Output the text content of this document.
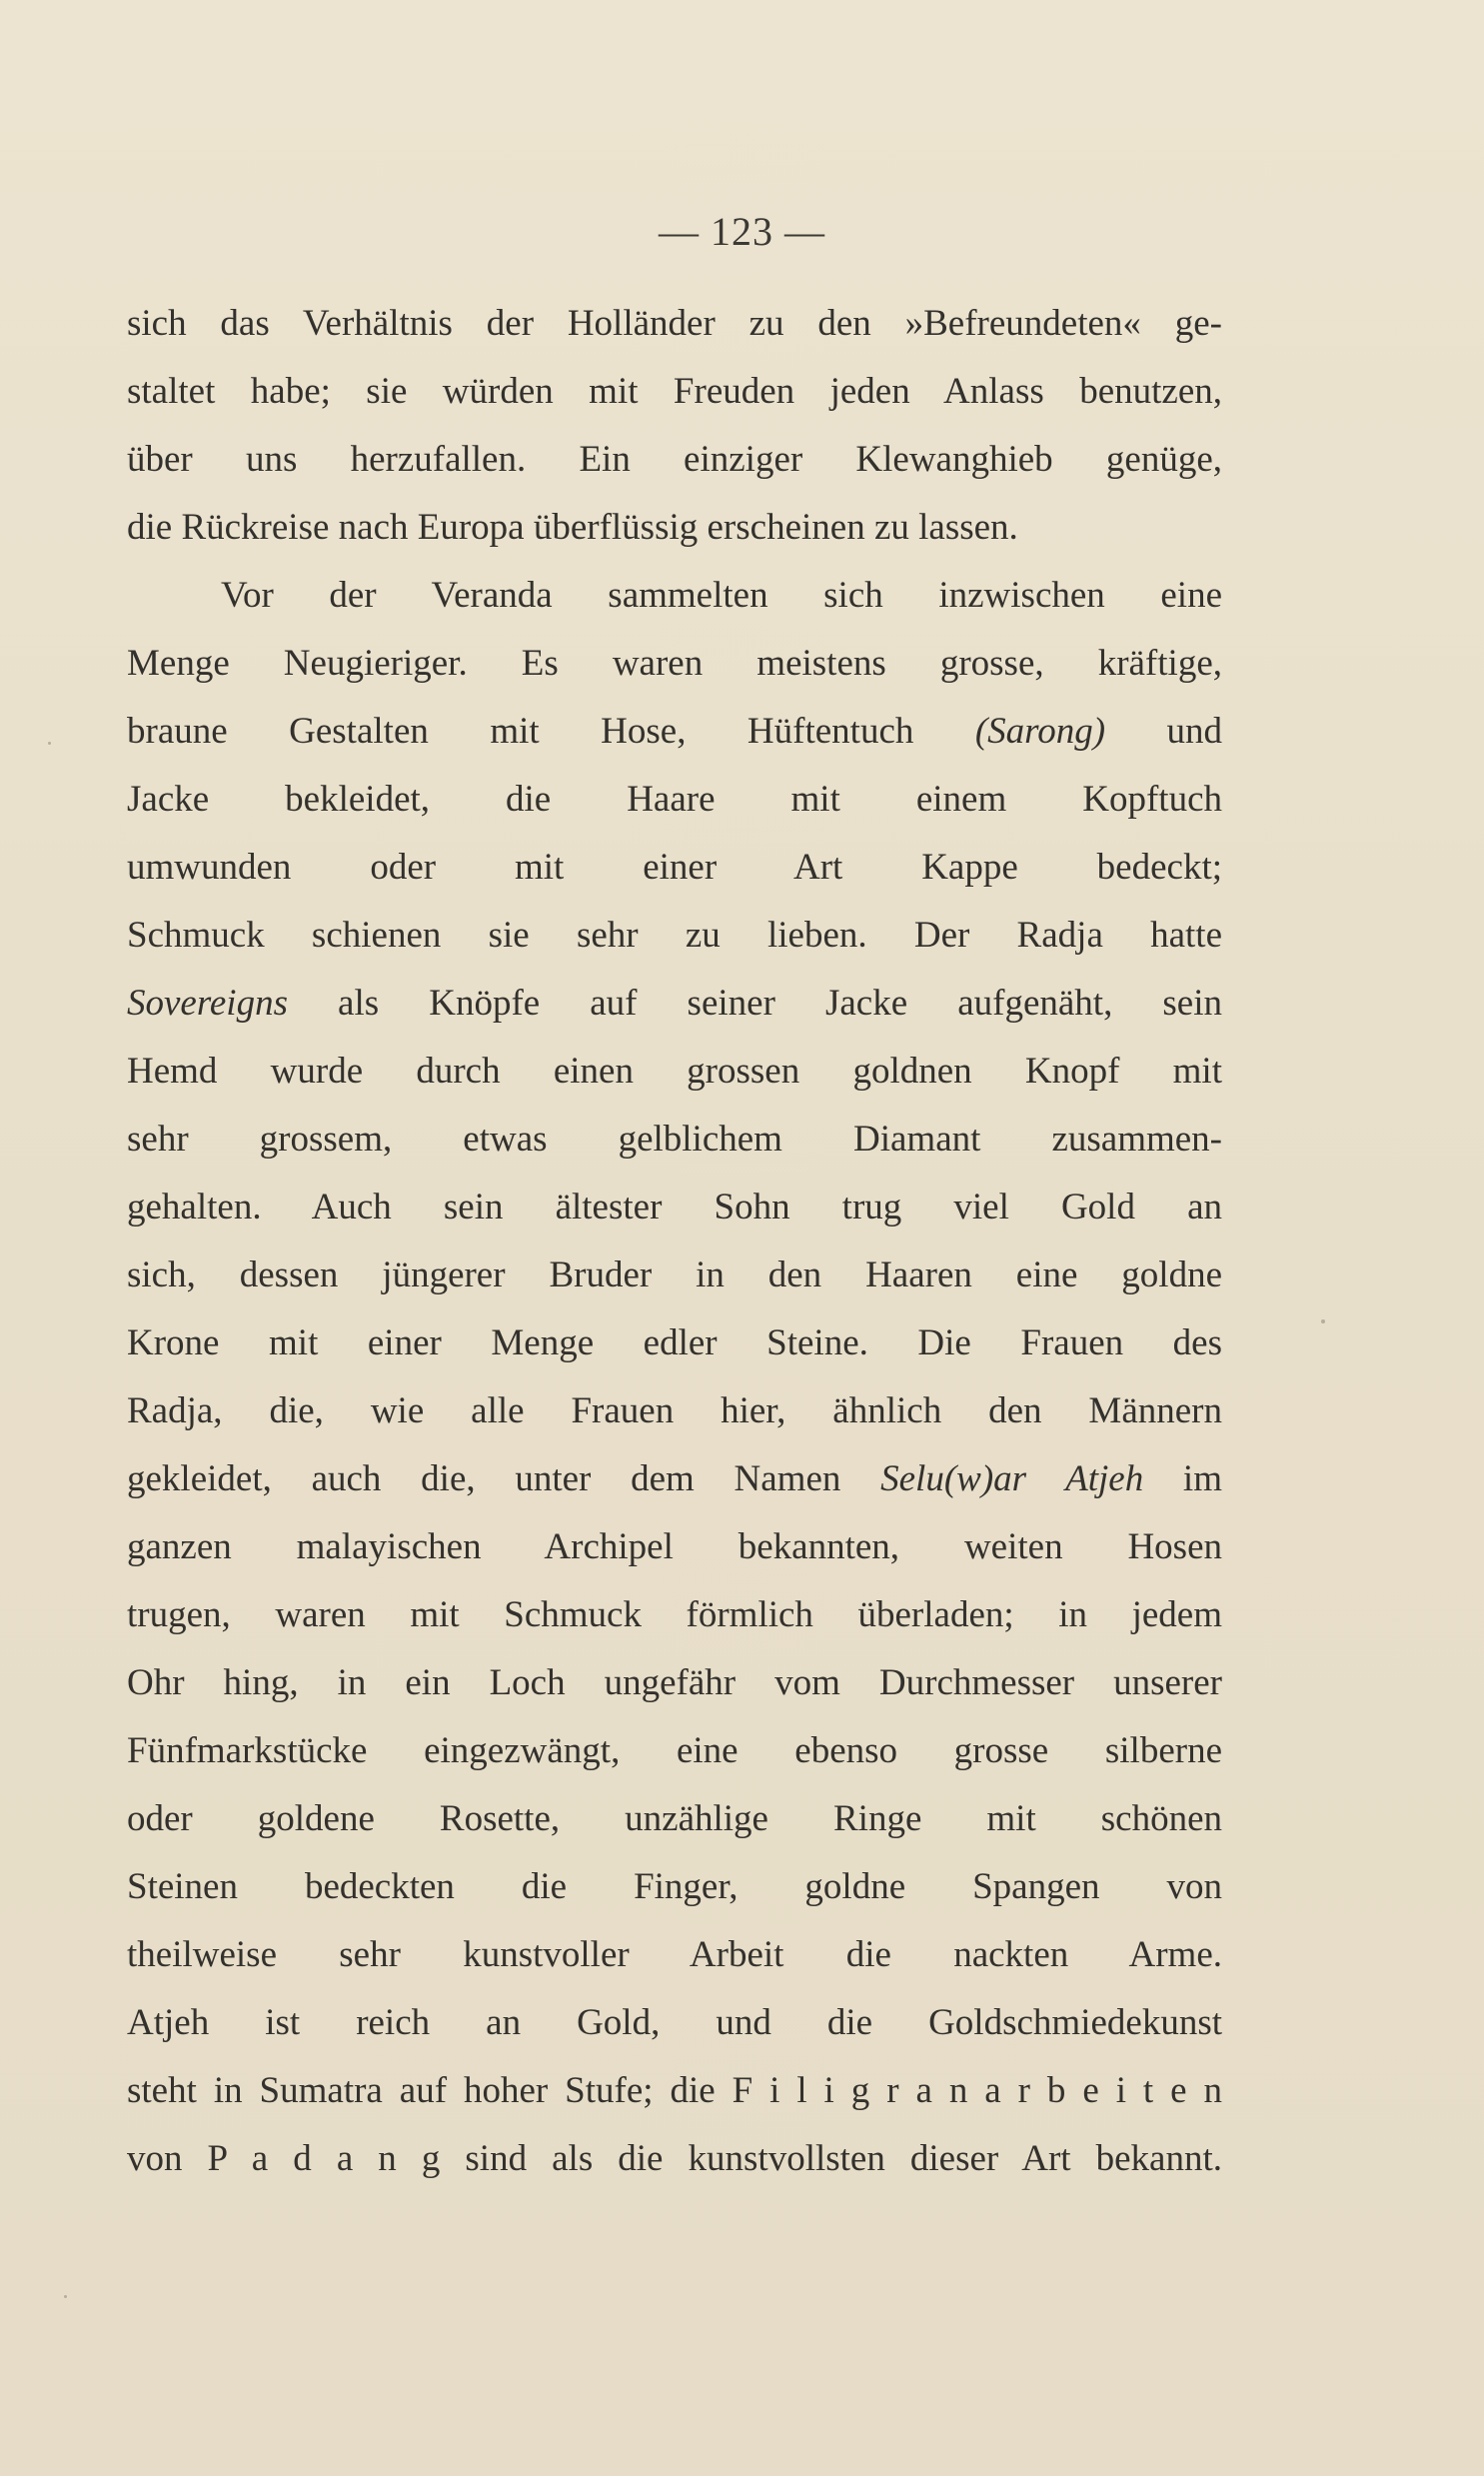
— 123 —
sich das Verhältnis der Holländer zu den »Befreundeten« ge-
staltet habe; sie würden mit Freuden jeden Anlass benutzen,
über uns herzufallen. Ein einziger Klewanghieb genüge,
die Rückreise nach Europa überflüssig erscheinen zu lassen.
Vor der Veranda sammelten sich inzwischen eine
Menge Neugieriger. Es waren meistens grosse, kräftige,
braune Gestalten mit Hose, Hüftentuch (Sarong) und
Jacke bekleidet, die Haare mit einem Kopftuch
umwunden oder mit einer Art Kappe bedeckt;
Schmuck schienen sie sehr zu lieben. Der Radja hatte
Sovereigns als Knöpfe auf seiner Jacke aufgenäht, sein
Hemd wurde durch einen grossen goldnen Knopf mit
sehr grossem, etwas gelblichem Diamant zusammen-
gehalten. Auch sein ältester Sohn trug viel Gold an
sich, dessen jüngerer Bruder in den Haaren eine goldne
Krone mit einer Menge edler Steine. Die Frauen des
Radja, die, wie alle Frauen hier, ähnlich den Männern
gekleidet, auch die, unter dem Namen Selu(w)ar Atjeh im
ganzen malayischen Archipel bekannten, weiten Hosen
trugen, waren mit Schmuck förmlich überladen; in jedem
Ohr hing, in ein Loch ungefähr vom Durchmesser unserer
Fünfmarkstücke eingezwängt, eine ebenso grosse silberne
oder goldene Rosette, unzählige Ringe mit schönen
Steinen bedeckten die Finger, goldne Spangen von
theilweise sehr kunstvoller Arbeit die nackten Arme.
Atjeh ist reich an Gold, und die Goldschmiedekunst
steht in Sumatra auf hoher Stufe; die F i l i g r a n a r b e i t e n
von P a d a n g sind als die kunstvollsten dieser Art bekannt.
